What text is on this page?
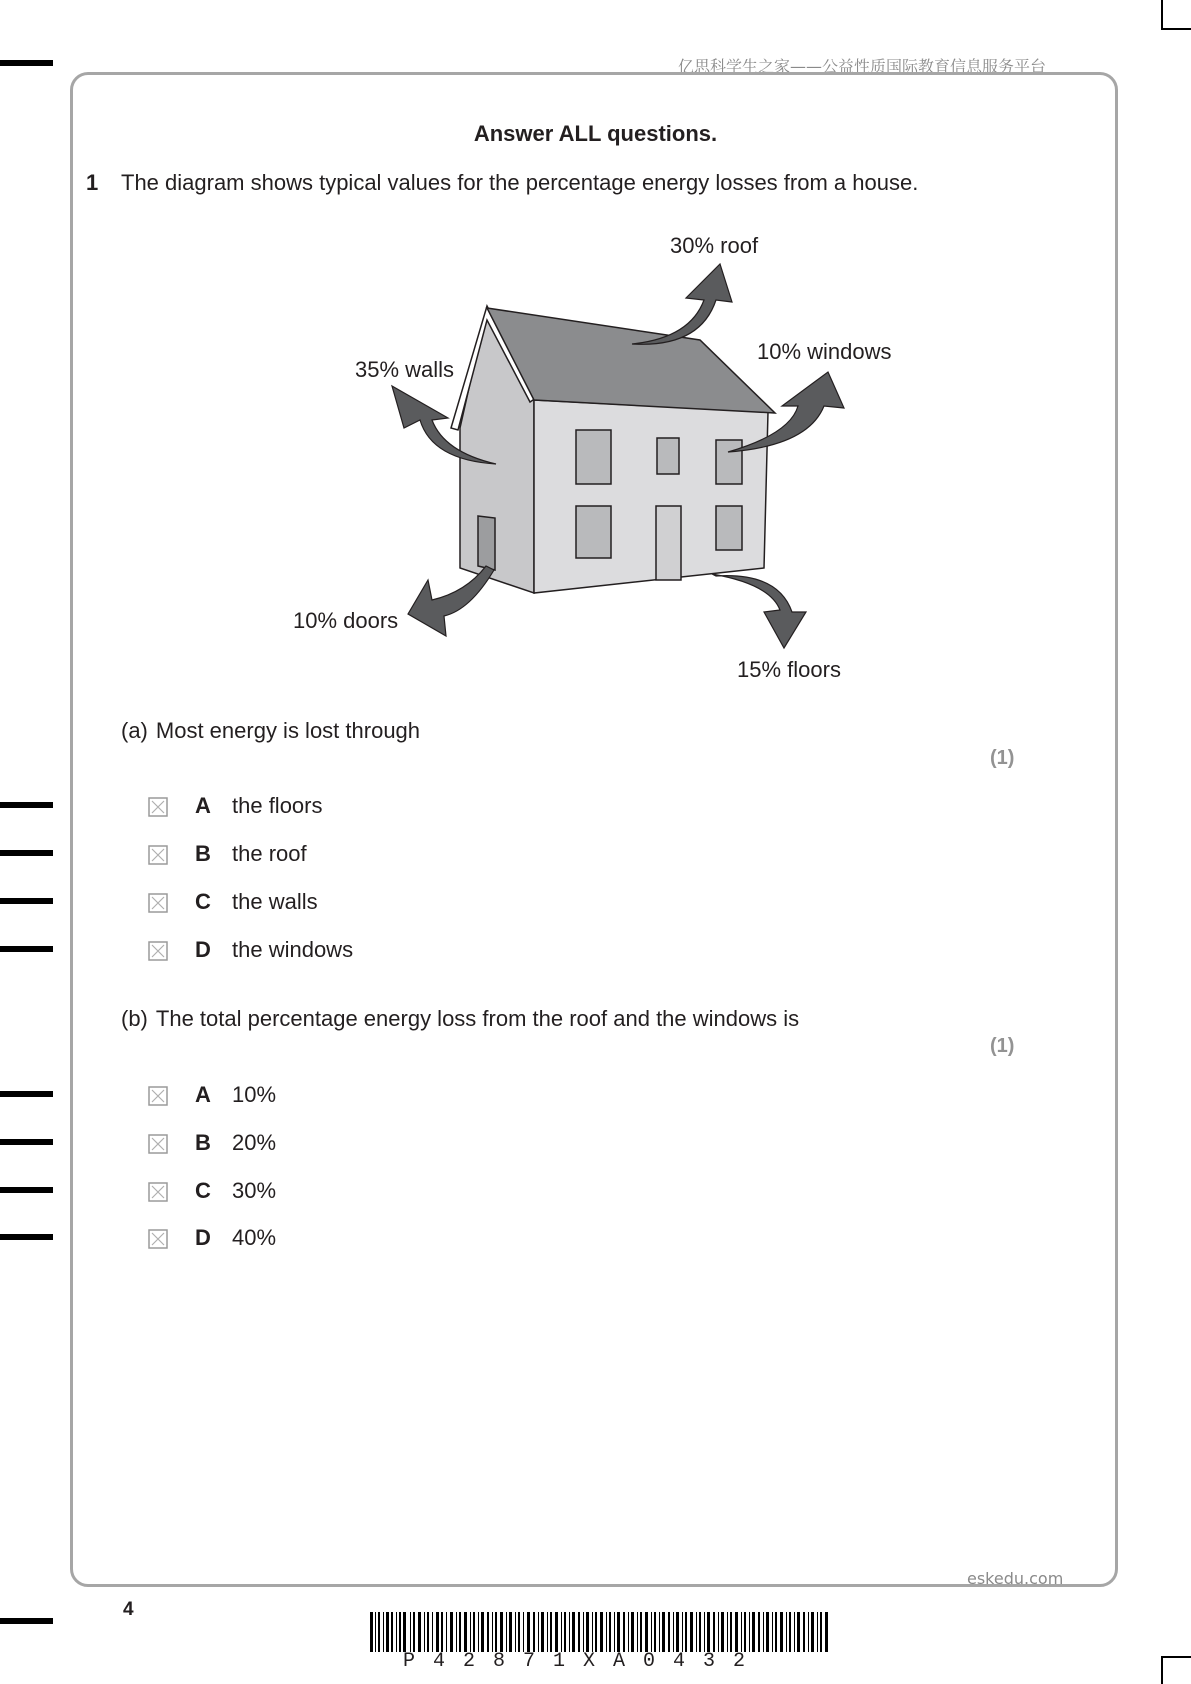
亿思科学生之家——公益性质国际教育信息服务平台
Answer ALL questions.
1 The diagram shows typical values for the percentage energy losses from a house.
30% roof
35% walls
10% windows
10% doors
15% floors
(a) Most energy is lost through
(1)
A the floors
B the roof
C the walls
D the windows
(b) The total percentage energy loss from the roof and the windows is
(1)
A 10%
B 20%
C 30%
D 40%
eskedu.com
4
P42871XA0432
